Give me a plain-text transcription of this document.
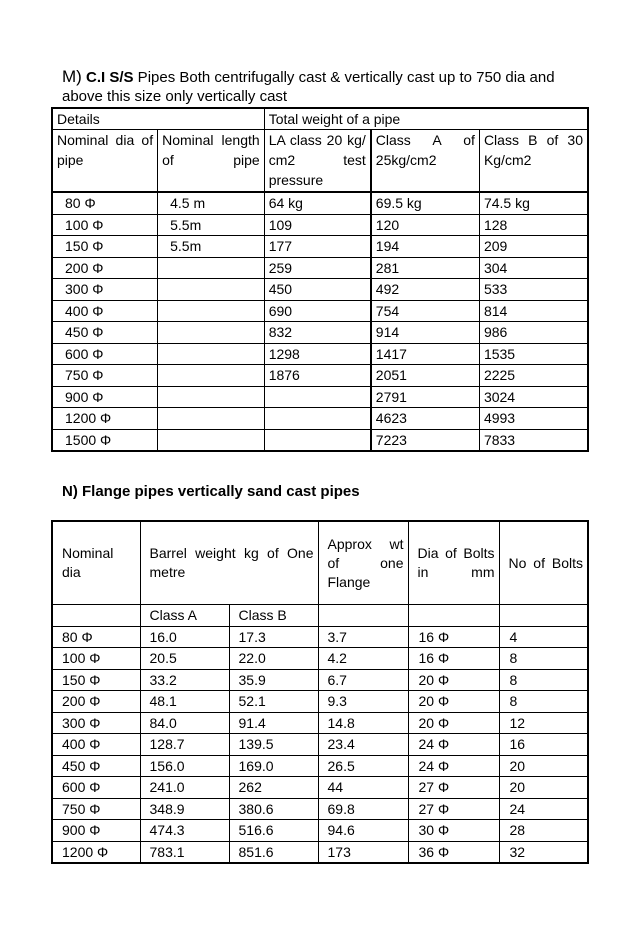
M) C.I S/S Pipes Both centrifugally cast & vertically cast up to 750 dia and above this size only vertically cast
Details		Total weight of a pipe		
Nominal dia of pipe	Nominal length of pipe	LA class 20 kg/ cm2 test pressure	Class A of 25kg/cm2	Class B of 30 Kg/cm2
80 Φ	4.5 m	64 kg	69.5 kg	74.5 kg
100 Φ	5.5m	109	120	128
150 Φ	5.5m	177	194	209
200 Φ		259	281	304
300 Φ		450	492	533
400 Φ		690	754	814
450 Φ		832	914	986
600 Φ		1298	1417	1535
750 Φ		1876	2051	2225
900 Φ			2791	3024
1200 Φ			4623	4993
1500 Φ			7223	7833
N) Flange pipes vertically sand cast pipes
Nominal dia	Barrel weight kg of One metre		Approx wt of one Flange	Dia of Bolts in mm	No of Bolts
	Class A	Class B			
80 Φ	16.0	17.3	3.7	16 Φ	4
100 Φ	20.5	22.0	4.2	16 Φ	8
150 Φ	33.2	35.9	6.7	20 Φ	8
200 Φ	48.1	52.1	9.3	20 Φ	8
300 Φ	84.0	91.4	14.8	20 Φ	12
400 Φ	128.7	139.5	23.4	24 Φ	16
450 Φ	156.0	169.0	26.5	24 Φ	20
600 Φ	241.0	262	44	27 Φ	20
750 Φ	348.9	380.6	69.8	27 Φ	24
900 Φ	474.3	516.6	94.6	30 Φ	28
1200 Φ	783.1	851.6	173	36 Φ	32
